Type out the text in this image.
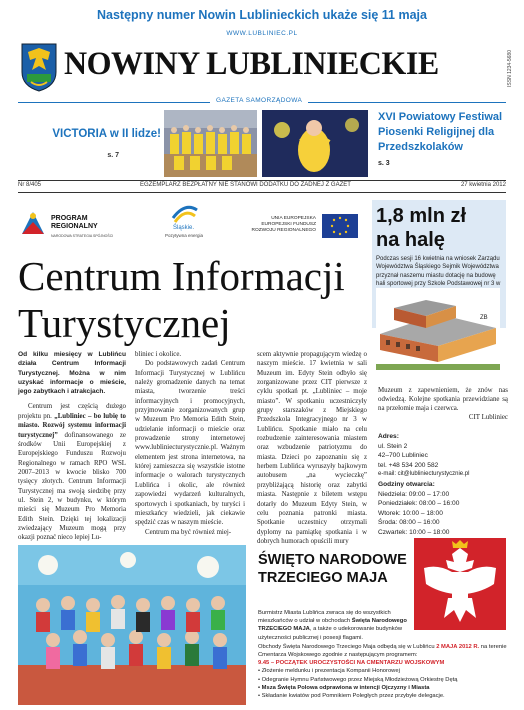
Następny numer Nowin Lublinieckich ukaże się 11 maja
WWW.LUBLINIEC.PL
NOWINY LUBLINIECKIE	ISSN 1234-5680
GAZETA SAMORZĄDOWA
VICTORIA w II lidze!
s. 7
XVI Powiatowy Festiwal Piosenki Religijnej dla Przedszkolaków
s. 3
Nr 8/405	EGZEMPLARZ BEZPŁATNY NIE STANOWI DODATKU DO ŻADNEJ Z GAZET	27 kwietnia 2012
PROGRAM REGIONALNY
NARODOWA STRATEGIA SPÓJNOŚCI
Śląskie.
Pozytywna energia
UNIA EUROPEJSKA
EUROPEJSKI FUNDUSZ
ROZWOJU REGIONALNEGO
Centrum Informacji
Turystycznej

Od kilku miesięcy w Lublińcu działa Centrum Informacji Turystycznej. Można w nim uzyskać informacje o mieście, jego zabytkach i atrakcjach.

Centrum jest częścią dużego projektu pn. „Lubliniec – bo lubię to miasto. Rozwój systemu informacji turystycznej” dofinansowanego ze środków Unii Europejskiej z Europejskiego Funduszu Rozwoju Regionalnego w ramach RPO WSL 2007–2013 w kwocie blisko 700 tysięcy złotych. Centrum Informacji Turystycznej ma swoją siedzibę przy ul. Stein 2, w budynku, w którym mieści się Muzeum Pro Memoria Edith Stein. Dzięki tej lokalizacji zwiedzający Muzeum mogą przy okazji poznać nieco lepiej Lu-

bliniec i okolice.

Do podstawowych zadań Centrum Informacji Turystycznej w Lublińcu należy gromadzenie danych na temat miasta, tworzenie treści informacyjnych i promocyjnych, przyjmowanie zorganizowanych grup w Muzeum Pro Memoria Edith Stein, udzielanie informacji o mieście oraz prowadzenie strony internetowej www.lubliniecturystycznie.pl. Ważnym elementem jest strona internetowa, na której zamieszcza się wszystkie istotne informacje o walorach turystycznych Lublińca i okolic, ale również zapowiedzi wydarzeń kulturalnych, sportowych i spotkaniach, by turyści i mieszkańcy wiedzieli, jak ciekawie spędzić czas w naszym mieście.

Centrum ma być również miej-

scem aktywnie propagującym wiedzę o naszym mieście. 17 kwietnia w sali Muzeum im. Edyty Stein odbyło się zorganizowane przez CIT pierwsze z cyklu spotkań pt. „Lubliniec – moje miasto”. W spotkaniu uczestniczyły grupy starszaków z Miejskiego Przedszkola Integracyjnego nr 3 w Lublińcu. Spotkanie miało na celu rozbudzenie zainteresowania miastem oraz wzbudzenie patriotyzmu do miasta. Dzieci po zapoznaniu się z herbem Lublińca wyruszyły bajkowym autobusem „na wycieczkę” przybliżającą historię oraz zabytki miasta. Następnie z biletem wstępu dotarły do Muzeum Edyty Stein, w celu poznania patronki miasta. Spotkanie uczestnicy otrzymali dyplomy na pamiątkę spotkania i w dobrych humorach opuścili mury

1,8 mln zł
na halę
Podczas sesji 16 kwietnia na wniosek Zarządu Województwa Śląskiego Sejmik Województwa przyznał naszemu miastu dotację na budowę hali sportowej przy Szkole Podstawowej nr 3 w
ZB

Muzeum z zapewnieniem, że znów nas odwiedzą. Kolejne spotkania przewidziane są na przełomie maja i czerwca.

CIT Lubliniec

Adres:
ul. Stein 2
42–700 Lubliniec
tel. +48 534 200 582
e-mail: cit@lubliniecturystycznie.pl
Godziny otwarcia:
Niedziela: 09:00 – 17:00
Poniedziałek: 08:00 – 16:00
Wtorek: 10:00 – 18:00
Środa: 08:00 – 16:00
Czwartek: 10:00 – 18:00
ŚWIĘTO NARODOWE
TRZECIEGO MAJA

Burmistrz Miasta Lublińca zwraca się do wszystkich mieszkańców o udział w obchodach Święta Narodowego TRZECIEGO MAJA, a także o udekorowanie budynków użyteczności publicznej i posesji flagami.

Obchody Święta Narodowego Trzeciego Maja odbędą się w Lublińcu 2 MAJA 2012 R. na terenie Cmentarza Wojskowego zgodnie z następującym programem:

9.45 – POCZĄTEK UROCZYSTOŚCI NA CMENTARZU WOJSKOWYM

• Złożenie meldunku i prezentacja Kompanii Honorowej

• Odegranie Hymnu Państwowego przez Miejską Młodzieżową Orkiestrę Dętą

• Msza Święta Polowa odprawiona w intencji Ojczyzny i Miasta

• Składanie kwiatów pod Pomnikiem Poległych przez przybyłe delegacje.
